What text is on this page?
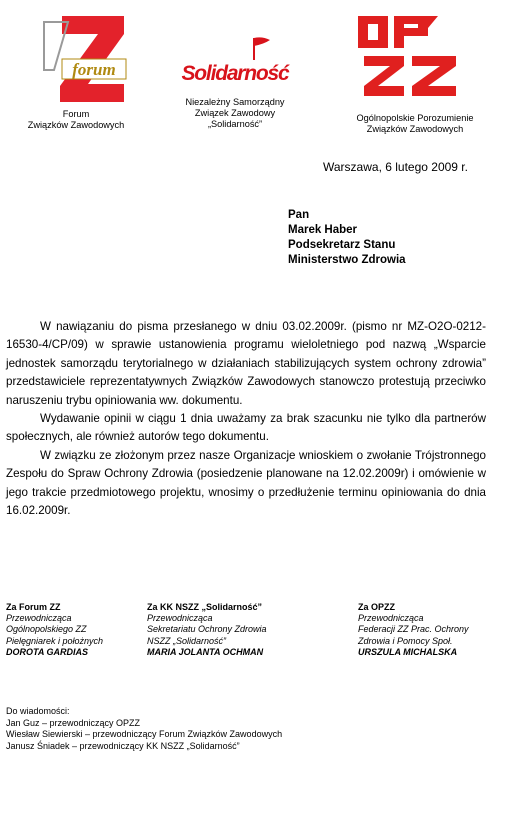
forum
Forum
Związków Zawodowych
Solidarność
Niezależny Samorządny
Związek Zawodowy
„Solidarność”
Ogólnopolskie Porozumienie
Związków Zawodowych
Warszawa, 6 lutego 2009 r.
Pan
Marek Haber
Podsekretarz Stanu
Ministerstwo Zdrowia

W nawiązaniu do pisma przesłanego w dniu 03.02.2009r. (pismo nr MZ-O2O-0212-16530-4/CP/09) w sprawie ustanowienia programu wieloletniego pod nazwą „Wsparcie jednostek samorządu terytorialnego w działaniach stabilizujących system ochrony zdrowia” przedstawiciele reprezentatywnych Związków Zawodowych stanowczo protestują przeciwko naruszeniu trybu opiniowania ww. dokumentu.

Wydawanie opinii w ciągu 1 dnia uważamy za brak szacunku nie tylko dla partnerów społecznych, ale również autorów tego dokumentu.

W związku ze złożonym przez nasze Organizacje wnioskiem o zwołanie Trójstronnego Zespołu do Spraw Ochrony Zdrowia (posiedzenie planowane na 12.02.2009r) i omówienie w jego trakcie przedmiotowego projektu, wnosimy o przedłużenie terminu opiniowania do dnia 16.02.2009r.

Za Forum ZZ
Przewodnicząca
Ogólnopolskiego ZZ
Pielęgniarek i położnych
DOROTA GARDIAS
Za KK NSZZ „Solidarność”
Przewodnicząca
Sekretariatu Ochrony Zdrowia
NSZZ „Solidarność”
MARIA JOLANTA OCHMAN
Za OPZZ
Przewodnicząca
Federacji ZZ Prac. Ochrony
Zdrowia i Pomocy Społ.
URSZULA MICHALSKA
Do wiadomości:
Jan Guz – przewodniczący OPZZ
Wiesław Siewierski – przewodniczący Forum Związków Zawodowych
Janusz Śniadek – przewodniczący KK NSZZ „Solidarność”
